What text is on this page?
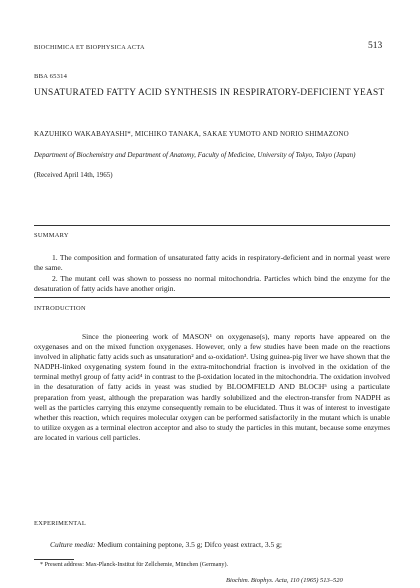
BIOCHIMICA ET BIOPHYSICA ACTA	513
BBA 65314
UNSATURATED FATTY ACID SYNTHESIS IN RESPIRATORY-DEFICIENT YEAST
KAZUHIKO WAKABAYASHI*, MICHIKO TANAKA, SAKAE YUMOTO AND NORIO SHIMAZONO
Department of Biochemistry and Department of Anatomy, Faculty of Medicine, University of Tokyo, Tokyo (Japan)
(Received April 14th, 1965)
SUMMARY

1. The composition and formation of unsaturated fatty acids in respiratory-deficient and in normal yeast were the same.

2. The mutant cell was shown to possess no normal mitochondria. Particles which bind the enzyme for the desaturation of fatty acids have another origin.

INTRODUCTION
Since the pioneering work of MASON¹ on oxygenase(s), many reports have appeared on the oxygenases and on the mixed function oxygenases. However, only a few studies have been made on the reactions involved in aliphatic fatty acids such as unsaturation² and ω-oxidation³. Using guinea-pig liver we have shown that the NADPH-linked oxygenating system found in the extra-mitochondrial fraction is involved in the oxidation of the terminal methyl group of fatty acid⁴ in contrast to the β-oxidation located in the mitochondria. The oxidation involved in the desaturation of fatty acids in yeast was studied by BLOOMFIELD AND BLOCH⁵ using a particulate preparation from yeast, although the preparation was hardly solubilized and the electron-transfer from NADPH as well as the particles carrying this enzyme consequently remain to be elucidated. Thus it was of interest to investigate whether this reaction, which requires molecular oxygen can be performed satisfactorily in the mutant which is unable to utilize oxygen as a terminal electron acceptor and also to study the particles in this mutant, because some enzymes are located in various cell particles.
EXPERIMENTAL
Culture media: Medium containing peptone, 3.5 g; Difco yeast extract, 3.5 g;
* Present address: Max-Planck-Institut für Zellchemie, München (Germany).
Biochim. Biophys. Acta, 110 (1965) 513–520
